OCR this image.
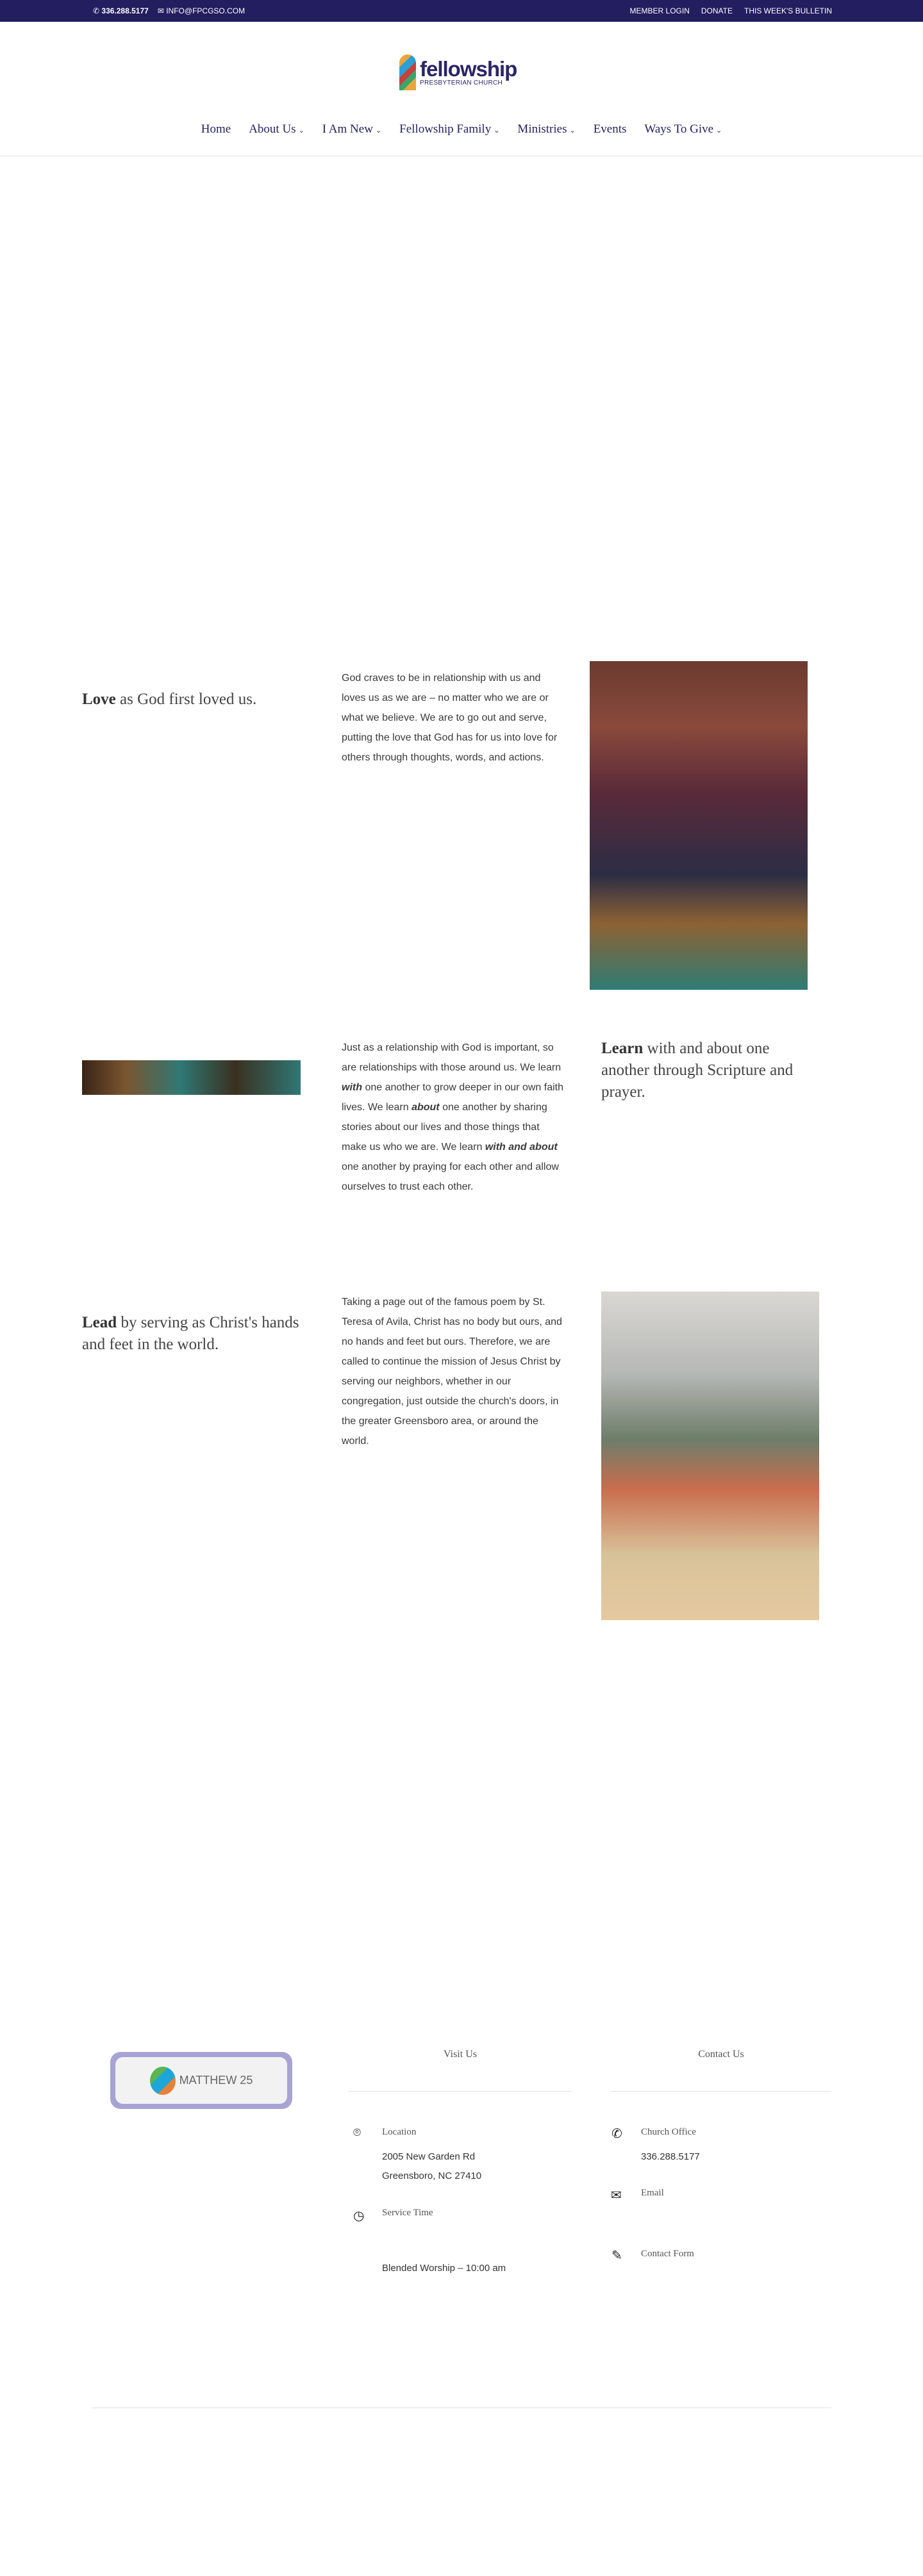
✆ 336.288.5177 ✉ INFO@FPCGSO.COM	MEMBER LOGIN DONATE THIS WEEK'S BULLETIN
fellowship
PRESBYTERIAN CHURCH
Home About Us ⌄ I Am New ⌄ Fellowship Family ⌄ Ministries ⌄ Events Ways To Give ⌄
Love as God first loved us.
God craves to be in relationship with us and loves us as we are – no matter who we are or what we believe. We are to go out and serve, putting the love that God has for us into love for others through thoughts, words, and actions.
Just as a relationship with God is important, so are relationships with those around us. We learn with one another to grow deeper in our own faith lives. We learn about one another by sharing stories about our lives and those things that make us who we are. We learn with and about one another by praying for each other and allow ourselves to trust each other.
Learn with and about one another through Scripture and prayer.
Lead by serving as Christ's hands and feet in the world.
Taking a page out of the famous poem by St. Teresa of Avila, Christ has no body but ours, and no hands and feet but ours. Therefore, we are called to continue the mission of Jesus Christ by serving our neighbors, whether in our congregation, just outside the church's doors, in the greater Greensboro area, or around the world.
MATTHEW 25
Visit Us
⌾	Location
2005 New Garden Rd
Greensboro, NC 27410
◷	Service Time
Blended Worship – 10:00 am
Contact Us
✆	Church Office
336.288.5177
✉	Email
✎	Contact Form
